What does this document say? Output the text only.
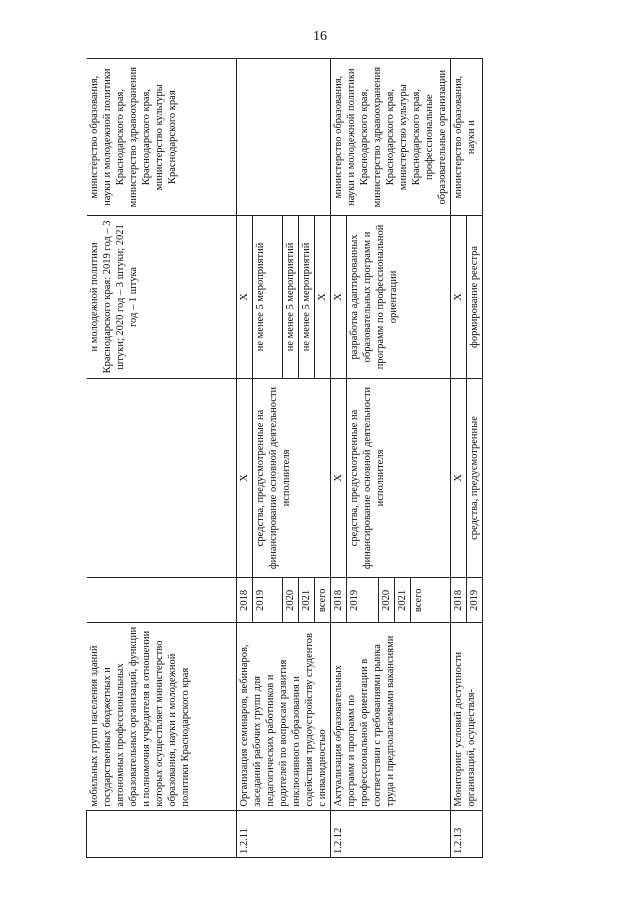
16
	мобильных групп населения зданий государственных бюджетных и автономных профессиональных образовательных организаций, функции и полномочия учредителя в отношении которых осуществляет министерство образования, науки и молодежной политики Краснодарского края			и молодежной политики Краснодарского края: 2019 год – 3 штуки; 2020 год – 3 штуки; 2021 год – 1 штука	министерство образования, науки и молодежной политики Краснодарского края, министерство здравоохранения Краснодарского края, министерство культуры Краснодарского края
1.2.11	Организация семинаров, вебинаров, заседаний рабочих групп для педагогических работников и родителей по вопросам развития инклюзивного образования и содействия трудоустройству студентов с инвалидностью	2018	Х	Х	
		2019	средства, предусмотренные на финансирование основной деятельности исполнителя	не менее 5 мероприятий	
		2020		не менее 5 мероприятий	
		2021		не менее 5 мероприятий	
		всего		Х	
1.2.12	Актуализация образовательных программ и программ по профессиональной ориентации в соответствии с требованиями рынка труда и предполагаемыми вакансиями	2018	Х	Х	министерство образования, науки и молодежной политики Краснодарского края, министерство здравоохранения Краснодарского края, министерство культуры Краснодарского края, профессиональные образовательные организации
		2019	средства, предусмотренные на финансирование основной деятельности исполнителя	разработка адаптированных образовательных программ и программ по профессиональной ориентации	
		2020			
		2021			
		всего			
1.2.13	Мониторинг условий доступности организаций, осуществля-	2018	Х	Х	министерство образования, науки и
		2019	средства, предусмотренные	формирование реестра	
